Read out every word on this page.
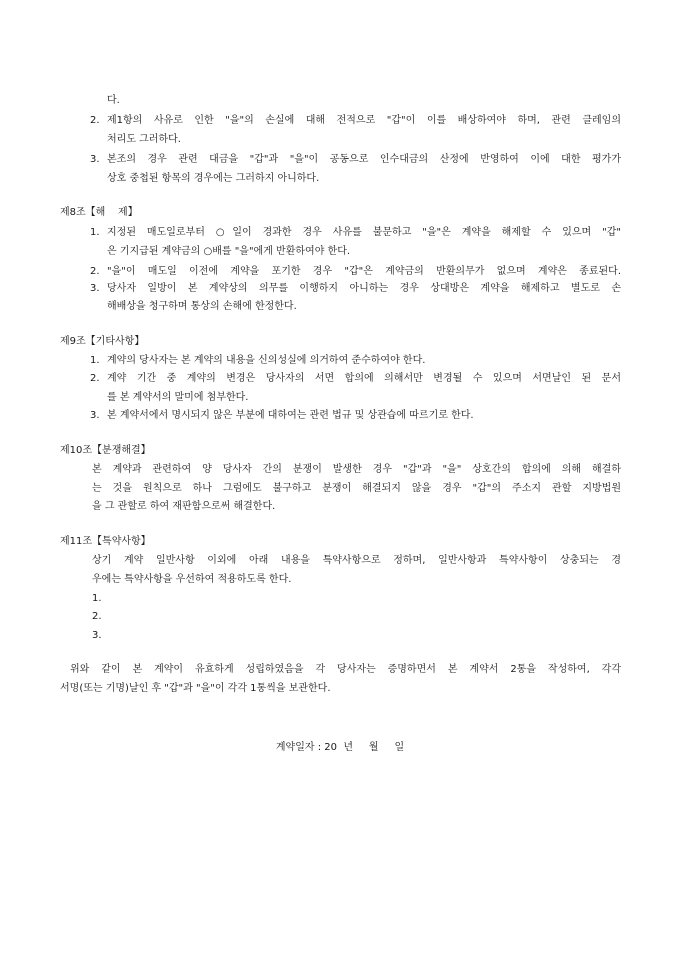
다.
2. 제1항의 사유로 인한 "을"의 손실에 대해 전적으로 "갑"이 이를 배상하여야 하며, 관련 클레임의
처리도 그러하다.
3. 본조의 경우 관련 대금을 "갑"과 "을"이 공동으로 인수대금의 산정에 반영하여 이에 대한 평가가
상호 중첩된 항목의 경우에는 그러하지 아니하다.
제8조【해    제】
1. 지정된 매도일로부터 ○일이 경과한 경우 사유를 불문하고 "을"은 계약을 해제할 수 있으며 "갑"
은 기지급된 계약금의 ○배를 "을"에게 반환하여야 한다.
2. "을"이 매도일 이전에 계약을 포기한 경우 "갑"은 계약금의 반환의무가 없으며 계약은 종료된다.
3. 당사자 일방이 본 계약상의 의무를 이행하지 아니하는 경우 상대방은 계약을 해제하고 별도로 손
해배상을 청구하며 통상의 손해에 한정한다.
제9조【기타사항】
1. 계약의 당사자는 본 계약의 내용을 신의성실에 의거하여 준수하여야 한다.
2. 계약 기간 중 계약의 변경은 당사자의 서면 합의에 의해서만 변경될 수 있으며 서면날인 된 문서
를 본 계약서의 말미에 첨부한다.
3. 본 계약서에서 명시되지 않은 부분에 대하여는 관련 법규 및 상관습에 따르기로 한다.
제10조【분쟁해결】
본 계약과 관련하여 양 당사자 간의 분쟁이 발생한 경우 "갑"과 "을" 상호간의 합의에 의해 해결하
는 것을 원칙으로 하나 그럼에도 불구하고 분쟁이 해결되지 않을 경우 "갑"의 주소지 관할 지방법원
을 그 관할로 하여 재판함으로써 해결한다.
제11조【특약사항】
상기 계약 일반사항 이외에 아래 내용을 특약사항으로 정하며, 일반사항과 특약사항이 상충되는 경
우에는 특약사항을 우선하여 적용하도록 한다.
1.
2.
3.
위와 같이 본 계약이 유효하게 성립하였음을 각 당사자는 증명하면서 본 계약서 2통을 작성하여, 각각
서명(또는 기명)날인 후 "갑"과 "을"이 각각 1통씩을 보관한다.
계약일자 : 20  년     월     일
